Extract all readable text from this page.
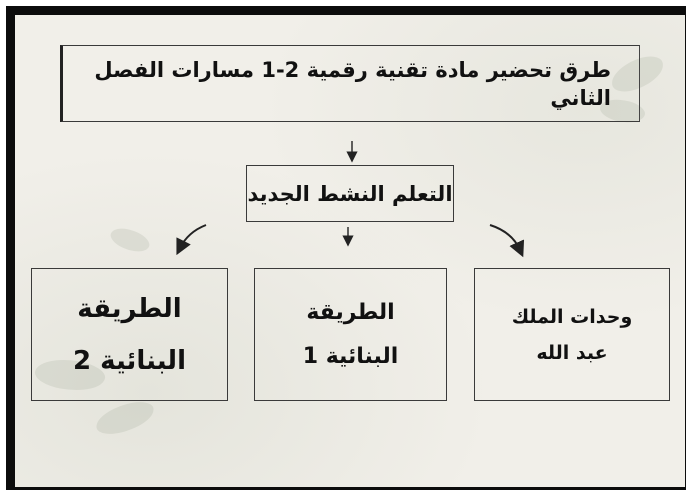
طرق تحضير مادة تقنية رقمية 2-1 مسارات الفصل الثاني
التعلم النشط الجديد
الطريقة
البنائية 2
الطريقة
البنائية 1
وحدات الملك
عبد الله
